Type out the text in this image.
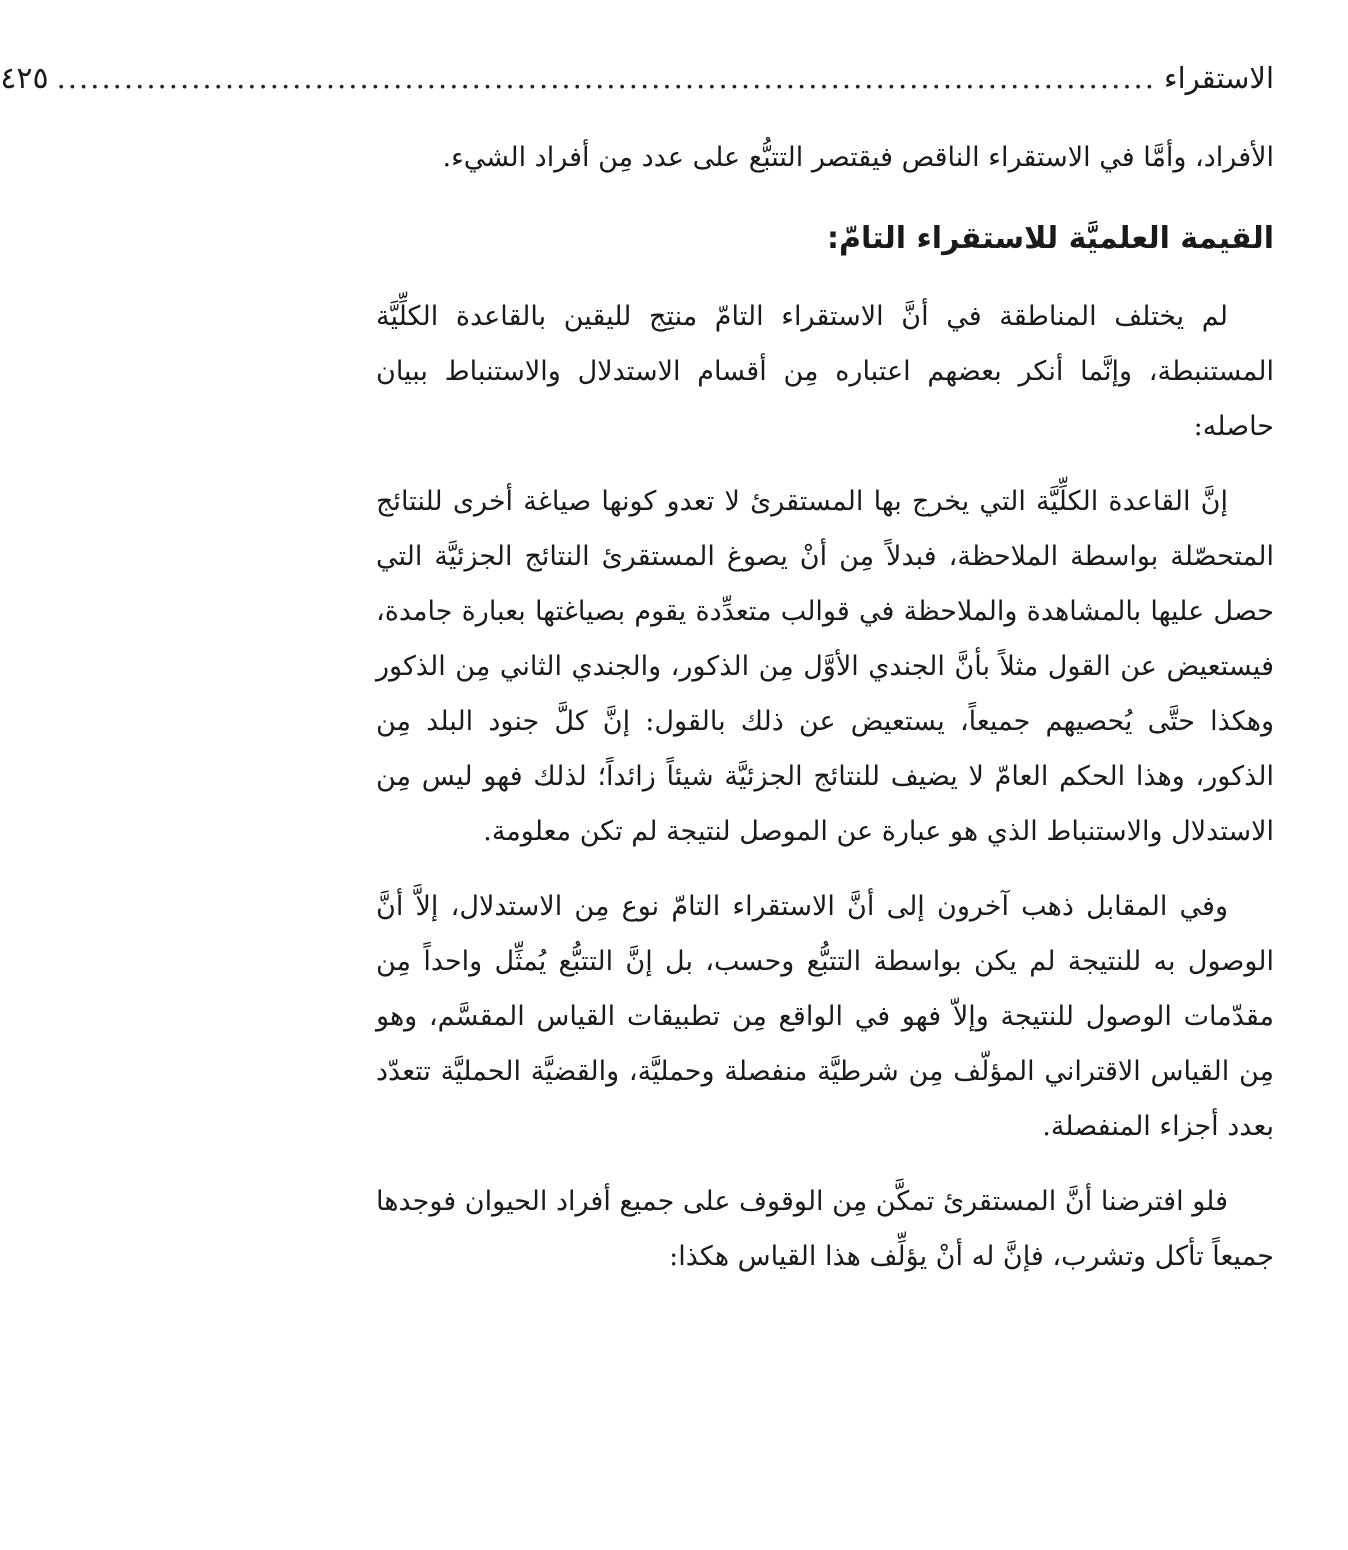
الاستقراء
..................................................................................................
٤٢٥

الأفراد، وأمَّا في الاستقراء الناقص فيقتصر التتبُّع على عدد مِن أفراد الشيء.

القيمة العلميَّة للاستقراء التامّ:

لم يختلف المناطقة في أنَّ الاستقراء التامّ منتِج لليقين بالقاعدة الكلِّيَّة المستنبطة، وإنَّما أنكر بعضهم اعتباره مِن أقسام الاستدلال والاستنباط ببيان حاصله:

إنَّ القاعدة الكلِّيَّة التي يخرج بها المستقرئ لا تعدو كونها صياغة أخرى للنتائج المتحصّلة بواسطة الملاحظة، فبدلاً مِن أنْ يصوغ المستقرئ النتائج الجزئيَّة التي حصل عليها بالمشاهدة والملاحظة في قوالب متعدِّدة يقوم بصياغتها بعبارة جامدة، فيستعيض عن القول مثلاً بأنَّ الجندي الأوَّل مِن الذكور، والجندي الثاني مِن الذكور وهكذا حتَّى يُحصيهم جميعاً، يستعيض عن ذلك بالقول: إنَّ كلَّ جنود البلد مِن الذكور، وهذا الحكم العامّ لا يضيف للنتائج الجزئيَّة شيئاً زائداً؛ لذلك فهو ليس مِن الاستدلال والاستنباط الذي هو عبارة عن الموصل لنتيجة لم تكن معلومة.

وفي المقابل ذهب آخرون إلى أنَّ الاستقراء التامّ نوع مِن الاستدلال، إلاَّ أنَّ الوصول به للنتيجة لم يكن بواسطة التتبُّع وحسب، بل إنَّ التتبُّع يُمثِّل واحداً مِن مقدّمات الوصول للنتيجة وإلاّ فهو في الواقع مِن تطبيقات القياس المقسَّم، وهو مِن القياس الاقتراني المؤلّف مِن شرطيَّة منفصلة وحمليَّة، والقضيَّة الحمليَّة تتعدّد بعدد أجزاء المنفصلة.

فلو افترضنا أنَّ المستقرئ تمكَّن مِن الوقوف على جميع أفراد الحيوان فوجدها جميعاً تأكل وتشرب، فإنَّ له أنْ يؤلِّف هذا القياس هكذا:
